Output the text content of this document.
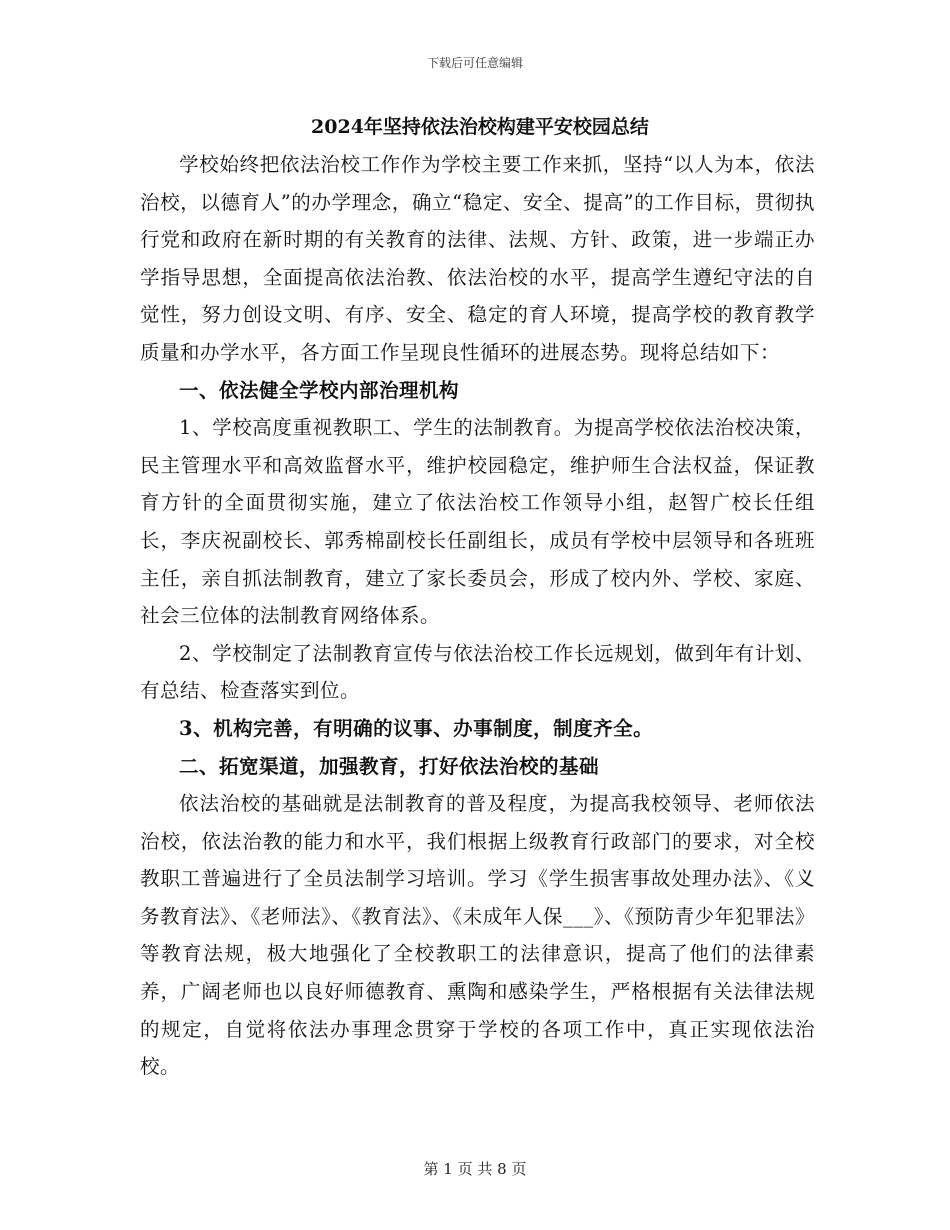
下载后可任意编辑
2024年坚持依法治校构建平安校园总结

学校始终把依法治校工作作为学校主要工作来抓，坚持“以人为本，依法治校，以德育人”的办学理念，确立“稳定、安全、提高”的工作目标，贯彻执行党和政府在新时期的有关教育的法律、法规、方针、政策，进一步端正办学指导思想，全面提高依法治教、依法治校的水平，提高学生遵纪守法的自觉性，努力创设文明、有序、安全、稳定的育人环境，提高学校的教育教学质量和办学水平，各方面工作呈现良性循环的进展态势。现将总结如下：

一、依法健全学校内部治理机构

1、学校高度重视教职工、学生的法制教育。为提高学校依法治校决策，民主管理水平和高效监督水平，维护校园稳定，维护师生合法权益，保证教育方针的全面贯彻实施，建立了依法治校工作领导小组，赵智广校长任组长，李庆祝副校长、郭秀棉副校长任副组长，成员有学校中层领导和各班班主任，亲自抓法制教育，建立了家长委员会，形成了校内外、学校、家庭、社会三位体的法制教育网络体系。

2、学校制定了法制教育宣传与依法治校工作长远规划，做到年有计划、有总结、检查落实到位。

3、机构完善，有明确的议事、办事制度，制度齐全。

二、拓宽渠道，加强教育，打好依法治校的基础

依法治校的基础就是法制教育的普及程度，为提高我校领导、老师依法治校，依法治教的能力和水平，我们根据上级教育行政部门的要求，对全校教职工普遍进行了全员法制学习培训。学习《学生损害事故处理办法》、《义务教育法》、《老师法》、《教育法》、《未成年人保___》、《预防青少年犯罪法》等教育法规，极大地强化了全校教职工的法律意识，提高了他们的法律素养，广阔老师也以良好师德教育、熏陶和感染学生，严格根据有关法律法规的规定，自觉将依法办事理念贯穿于学校的各项工作中，真正实现依法治校。

第 1 页 共 8 页
